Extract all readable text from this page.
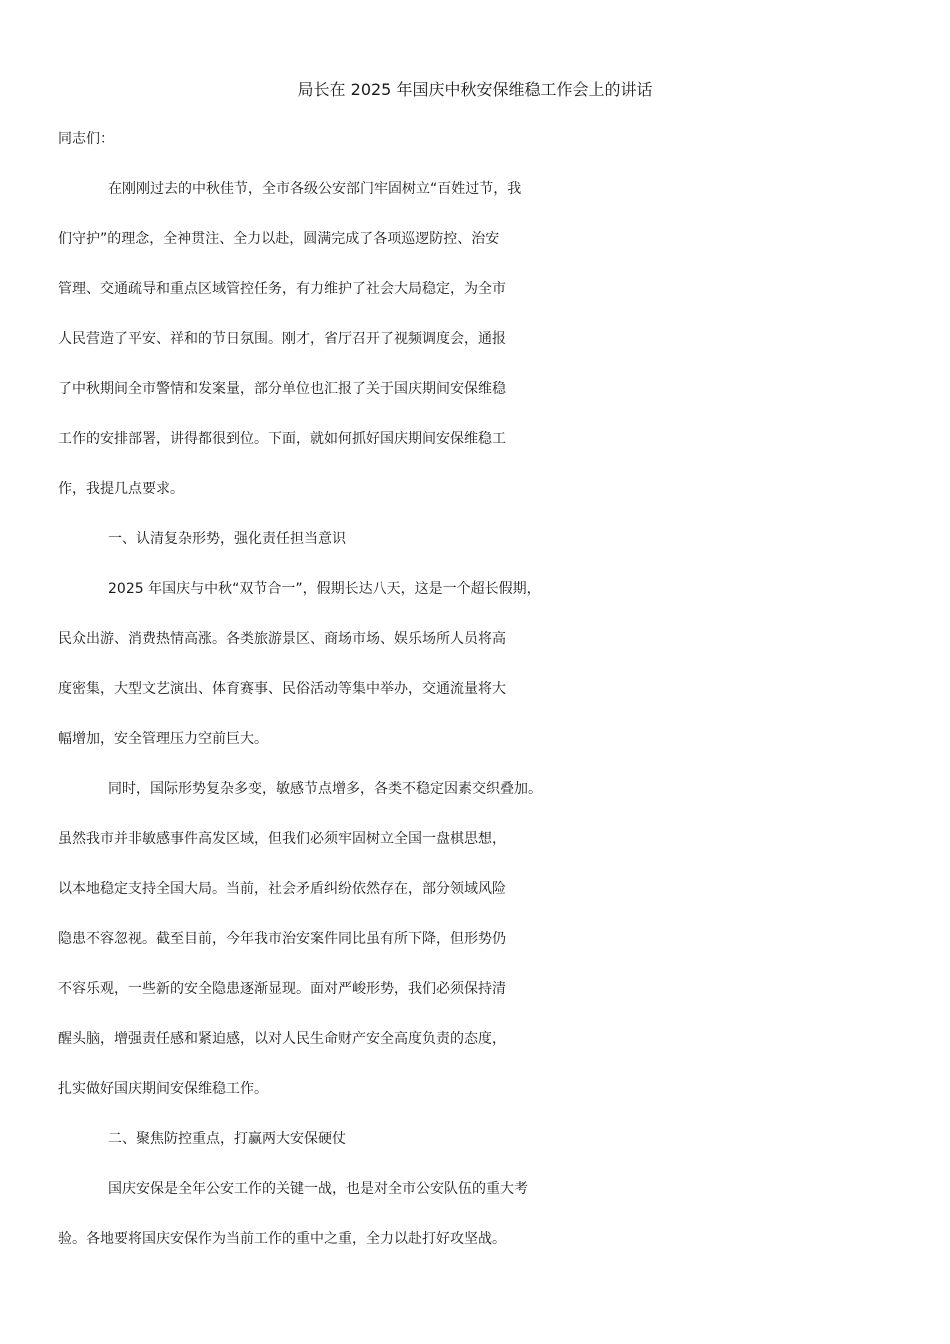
局长在 2025 年国庆中秋安保维稳工作会上的讲话
同志们：
在刚刚过去的中秋佳节，全市各级公安部门牢固树立“百姓过节，我
们守护”的理念，全神贯注、全力以赴，圆满完成了各项巡逻防控、治安
管理、交通疏导和重点区域管控任务，有力维护了社会大局稳定，为全市
人民营造了平安、祥和的节日氛围。刚才，省厅召开了视频调度会，通报
了中秋期间全市警情和发案量，部分单位也汇报了关于国庆期间安保维稳
工作的安排部署，讲得都很到位。下面，就如何抓好国庆期间安保维稳工
作，我提几点要求。
一、认清复杂形势，强化责任担当意识
2025 年国庆与中秋“双节合一”，假期长达八天，这是一个超长假期，
民众出游、消费热情高涨。各类旅游景区、商场市场、娱乐场所人员将高
度密集，大型文艺演出、体育赛事、民俗活动等集中举办，交通流量将大
幅增加，安全管理压力空前巨大。
同时，国际形势复杂多变，敏感节点增多，各类不稳定因素交织叠加。
虽然我市并非敏感事件高发区域，但我们必须牢固树立全国一盘棋思想，
以本地稳定支持全国大局。当前，社会矛盾纠纷依然存在，部分领域风险
隐患不容忽视。截至目前，今年我市治安案件同比虽有所下降，但形势仍
不容乐观，一些新的安全隐患逐渐显现。面对严峻形势，我们必须保持清
醒头脑，增强责任感和紧迫感，以对人民生命财产安全高度负责的态度，
扎实做好国庆期间安保维稳工作。
二、聚焦防控重点，打赢两大安保硬仗
国庆安保是全年公安工作的关键一战，也是对全市公安队伍的重大考
验。各地要将国庆安保作为当前工作的重中之重，全力以赴打好攻坚战。
